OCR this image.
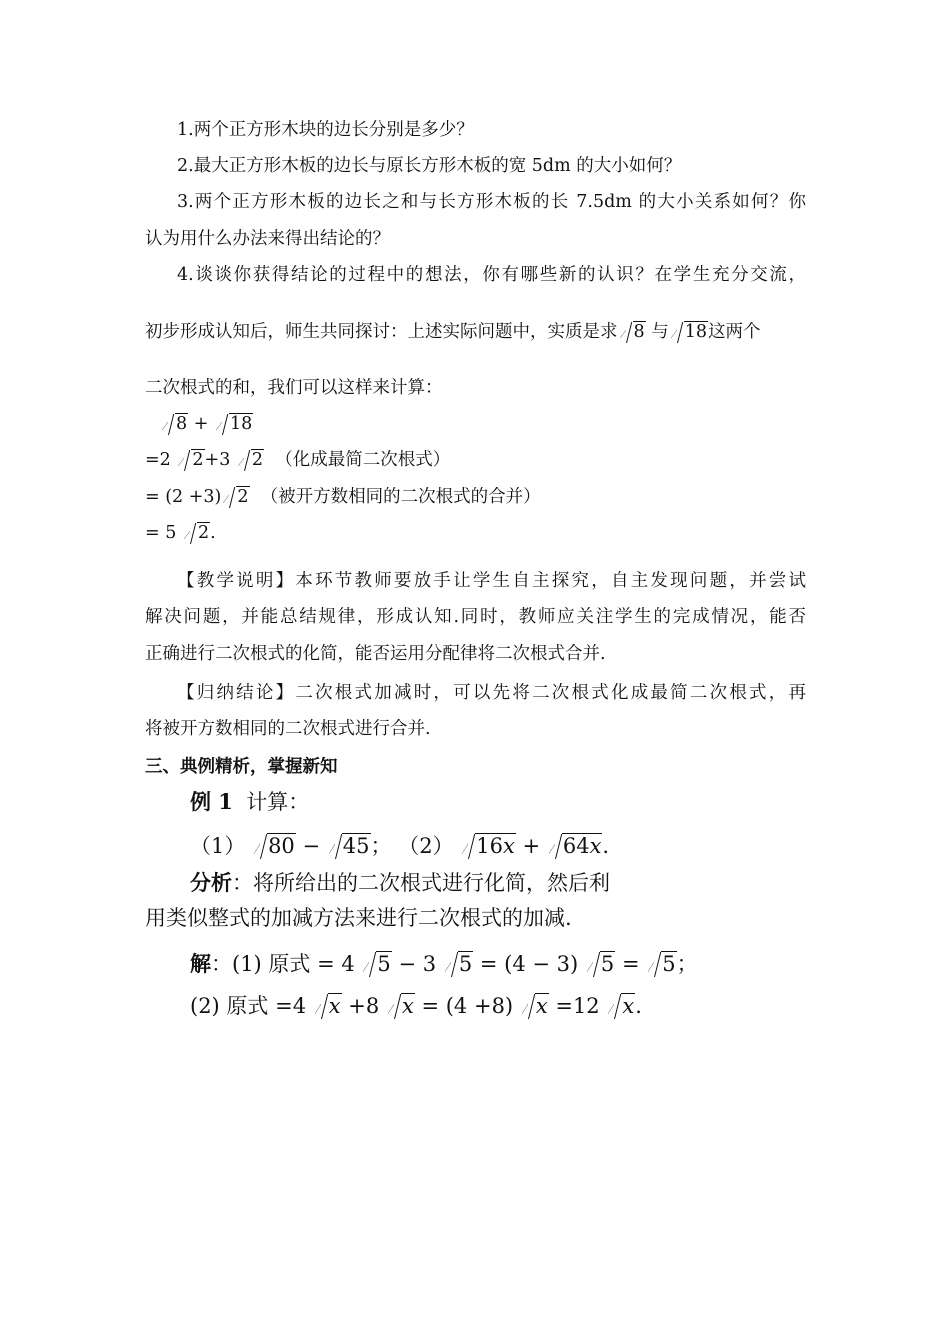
1.两个正方形木块的边长分别是多少？
2.最大正方形木板的边长与原长方形木板的宽 5dm 的大小如何？
3.两个正方形木板的边长之和与长方形木板的长 7.5dm 的大小关系如何？你
认为用什么办法来得出结论的？
4.谈谈你获得结论的过程中的想法，你有哪些新的认识？在学生充分交流，
初步形成认知后，师生共同探讨：上述实际问题中，实质是求 8 与 18这两个
二次根式的和，我们可以这样来计算：
8 + 18
=2 2+3 2 （化成最简二次根式）
= (2 +3) 2 （被开方数相同的二次根式的合并）
= 5 2.
【教学说明】本环节教师要放手让学生自主探究，自主发现问题，并尝试
解决问题，并能总结规律，形成认知.同时，教师应关注学生的完成情况，能否
正确进行二次根式的化简，能否运用分配律将二次根式合并.
【归纳结论】二次根式加减时，可以先将二次根式化成最简二次根式，再
将被开方数相同的二次根式进行合并.
三、典例精析，掌握新知
例 1 计算：
（1） 80 − 45； （2） 16x + 64x.
分析：将所给出的二次根式进行化简，然后利
用类似整式的加减方法来进行二次根式的加减.
解：(1) 原式 = 4 5 − 3 5 = (4 − 3) 5 = 5；
(2) 原式 =4 x +8 x = (4 +8) x =12 x.
